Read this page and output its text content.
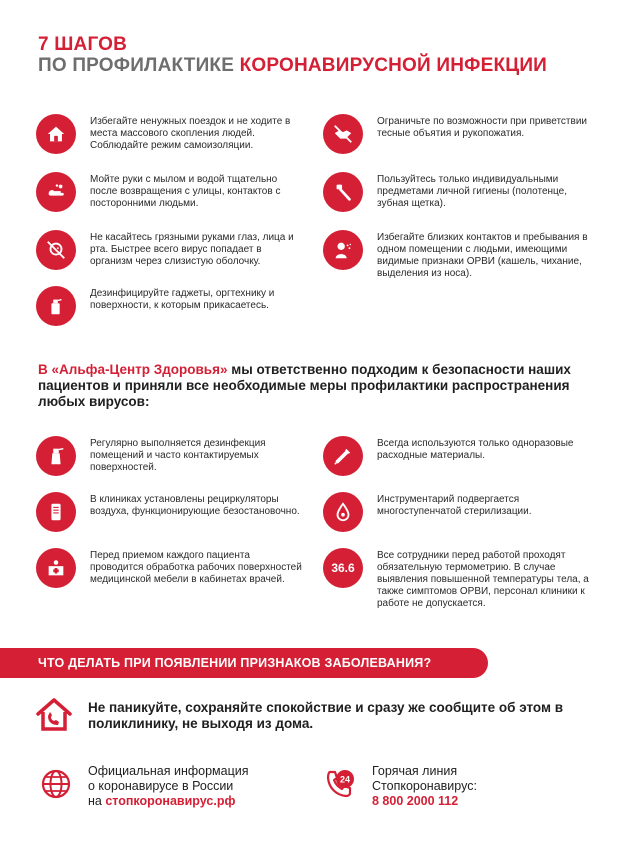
7 ШАГОВ
ПО ПРОФИЛАКТИКЕ КОРОНАВИРУСНОЙ ИНФЕКЦИИ
Избегайте ненужных поездок и не ходите в места массового скопления людей. Соблюдайте режим самоизоляции.
Ограничьте по возможности при приветствии тесные объятия и рукопожатия.
Мойте руки с мылом и водой тщательно после возвращения с улицы, контактов с посторонними людьми.
Пользуйтесь только индивидуальными предметами личной гигиены (полотенце, зубная щетка).
Не касайтесь грязными руками глаз, лица и рта. Быстрее всего вирус попадает в организм через слизистую оболочку.
Избегайте близких контактов и пребывания в одном помещении с людьми, имеющими видимые признаки ОРВИ (кашель, чихание, выделения из носа).
Дезинфицируйте гаджеты, оргтехнику и поверхности, к которым прикасаетесь.
В «Альфа-Центр Здоровья» мы ответственно подходим к безопасности наших пациентов и приняли все необходимые меры профилактики распространения любых вирусов:
Регулярно выполняется дезинфекция помещений и часто контактируемых поверхностей.
Всегда используются только одноразовые расходные материалы.
В клиниках установлены рециркуляторы воздуха, функционирующие безостановочно.
Инструментарий подвергается многоступенчатой стерилизации.
Перед приемом каждого пациента проводится обработка рабочих поверхностей медицинской мебели в кабинетах врачей.
36.6
Все сотрудники перед работой проходят обязательную термометрию. В случае выявления повышенной температуры тела, а также симптомов ОРВИ, персонал клиники к работе не допускается.
ЧТО ДЕЛАТЬ ПРИ ПОЯВЛЕНИИ ПРИЗНАКОВ ЗАБОЛЕВАНИЯ?
Не паникуйте, сохраняйте спокойствие и сразу же сообщите об этом в поликлинику, не выходя из дома.
Официальная информация
о коронавирусе в России
на стопкоронавирус.рф
24
Горячая линия
Стопкоронавирус:
8 800 2000 112
